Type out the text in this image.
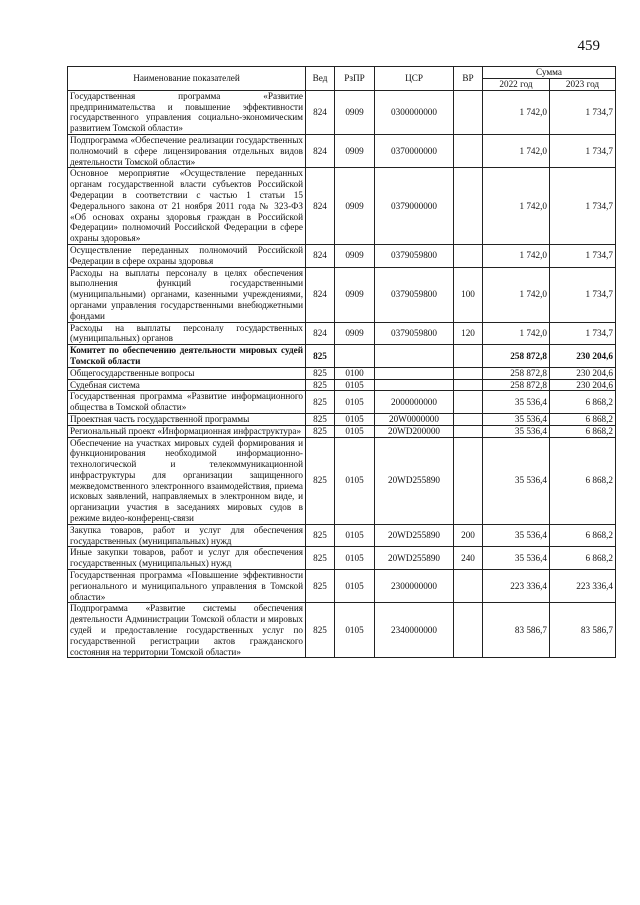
459
Наименование показателей	Вед	РзПР	ЦСР	ВР	Сумма	
					2022 год	2023 год
Государственная программа «Развитие предпринимательства и повышение эффективности государственного управления социально-экономическим развитием Томской области»	824	0909	0300000000		1 742,0	1 734,7
Подпрограмма «Обеспечение реализации государственных полномочий в сфере лицензирования отдельных видов деятельности Томской области»	824	0909	0370000000		1 742,0	1 734,7
Основное мероприятие «Осуществление переданных органам государственной власти субъектов Российской Федерации в соответствии с частью 1 статьи 15 Федерального закона от 21 ноября 2011 года № 323-ФЗ «Об основах охраны здоровья граждан в Российской Федерации» полномочий Российской Федерации в сфере охраны здоровья»	824	0909	0379000000		1 742,0	1 734,7
Осуществление переданных полномочий Российской Федерации в сфере охраны здоровья	824	0909	0379059800		1 742,0	1 734,7
Расходы на выплаты персоналу в целях обеспечения выполнения функций государственными (муниципальными) органами, казенными учреждениями, органами управления государственными внебюджетными фондами	824	0909	0379059800	100	1 742,0	1 734,7
Расходы на выплаты персоналу государственных (муниципальных) органов	824	0909	0379059800	120	1 742,0	1 734,7
Комитет по обеспечению деятельности мировых судей Томской области	825				258 872,8	230 204,6
Общегосударственные вопросы	825	0100			258 872,8	230 204,6
Судебная система	825	0105			258 872,8	230 204,6
Государственная программа «Развитие информационного общества в Томской области»	825	0105	2000000000		35 536,4	6 868,2
Проектная часть государственной программы	825	0105	20W0000000		35 536,4	6 868,2
Региональный проект «Информационная инфраструктура»	825	0105	20WD200000		35 536,4	6 868,2
Обеспечение на участках мировых судей формирования и функционирования необходимой информационно-технологической и телекоммуникационной инфраструктуры для организации защищенного межведомственного электронного взаимодействия, приема исковых заявлений, направляемых в электронном виде, и организации участия в заседаниях мировых судов в режиме видео-конференц-связи	825	0105	20WD255890		35 536,4	6 868,2
Закупка товаров, работ и услуг для обеспечения государственных (муниципальных) нужд	825	0105	20WD255890	200	35 536,4	6 868,2
Иные закупки товаров, работ и услуг для обеспечения государственных (муниципальных) нужд	825	0105	20WD255890	240	35 536,4	6 868,2
Государственная программа «Повышение эффективности регионального и муниципального управления в Томской области»	825	0105	2300000000		223 336,4	223 336,4
Подпрограмма «Развитие системы обеспечения деятельности Администрации Томской области и мировых судей и предоставление государственных услуг по государственной регистрации актов гражданского состояния на территории Томской области»	825	0105	2340000000		83 586,7	83 586,7
